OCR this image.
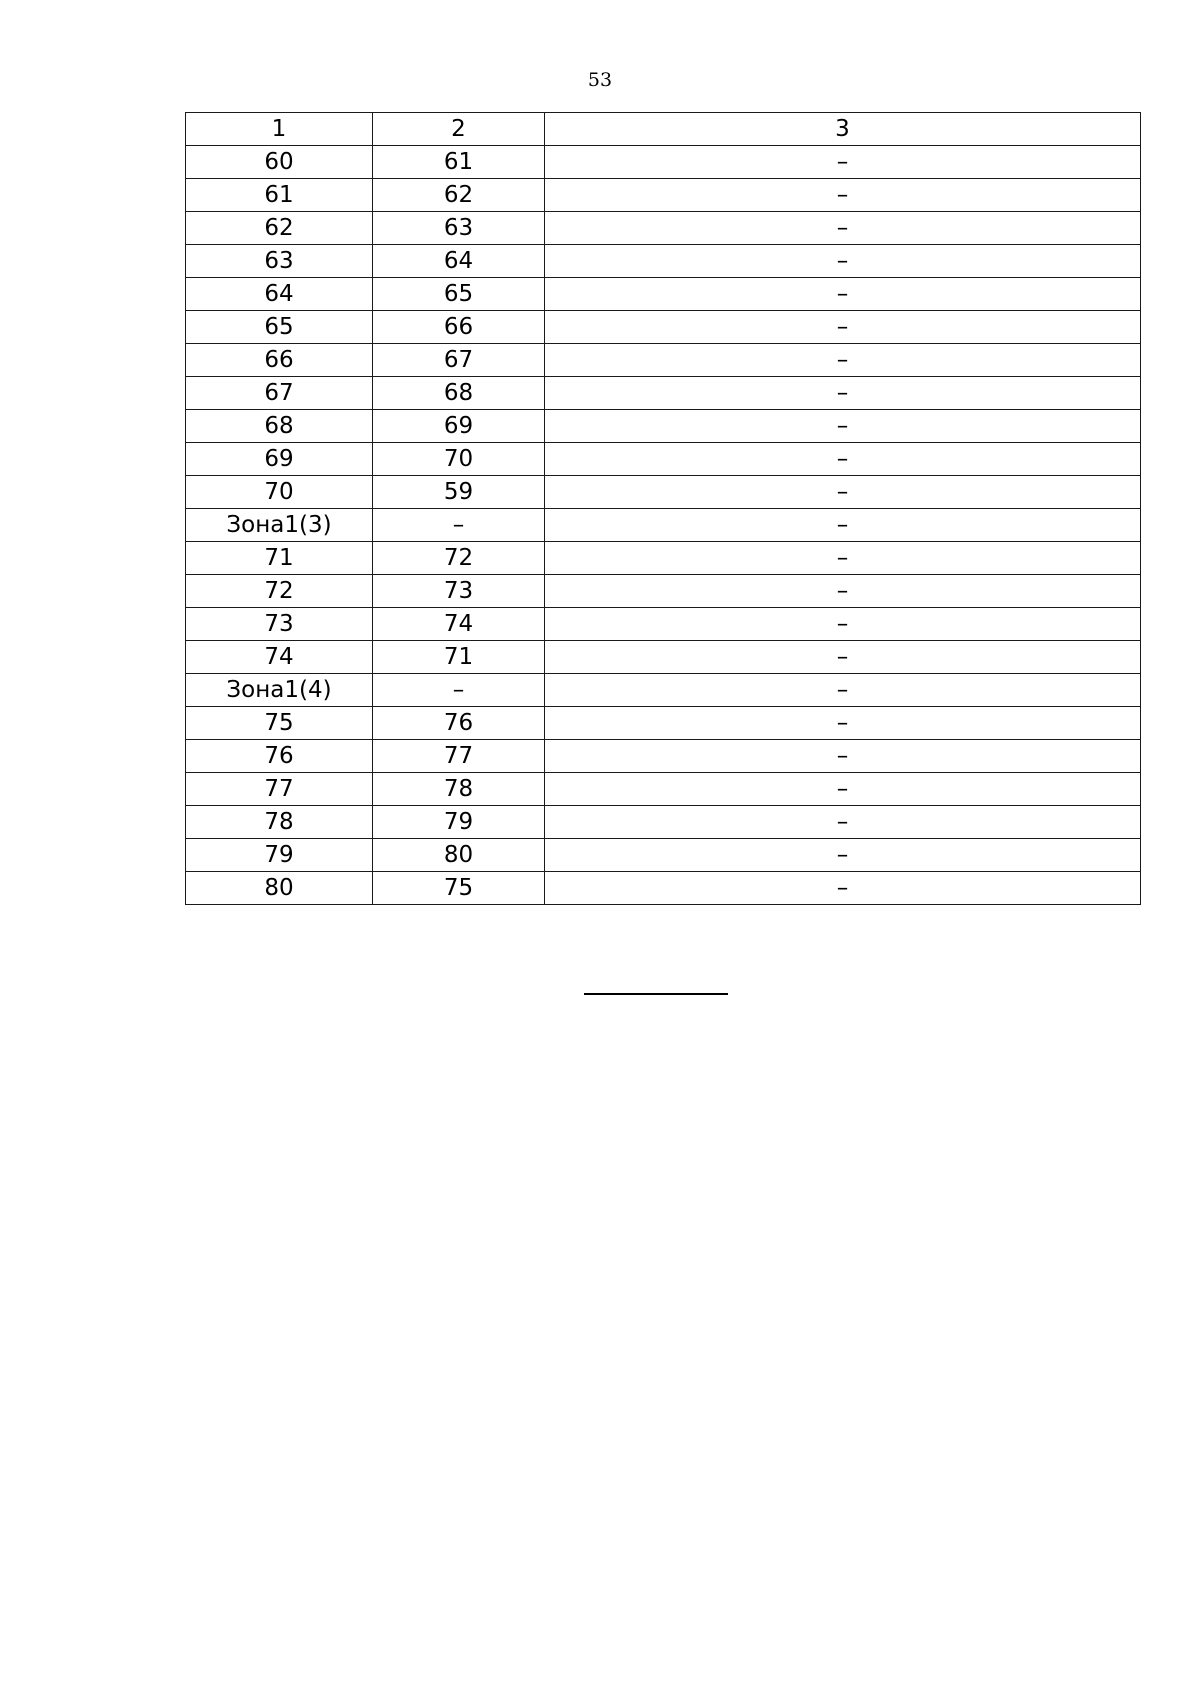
53
1	2	3
60	61	–
61	62	–
62	63	–
63	64	–
64	65	–
65	66	–
66	67	–
67	68	–
68	69	–
69	70	–
70	59	–
Зона1(3)	–	–
71	72	–
72	73	–
73	74	–
74	71	–
Зона1(4)	–	–
75	76	–
76	77	–
77	78	–
78	79	–
79	80	–
80	75	–
